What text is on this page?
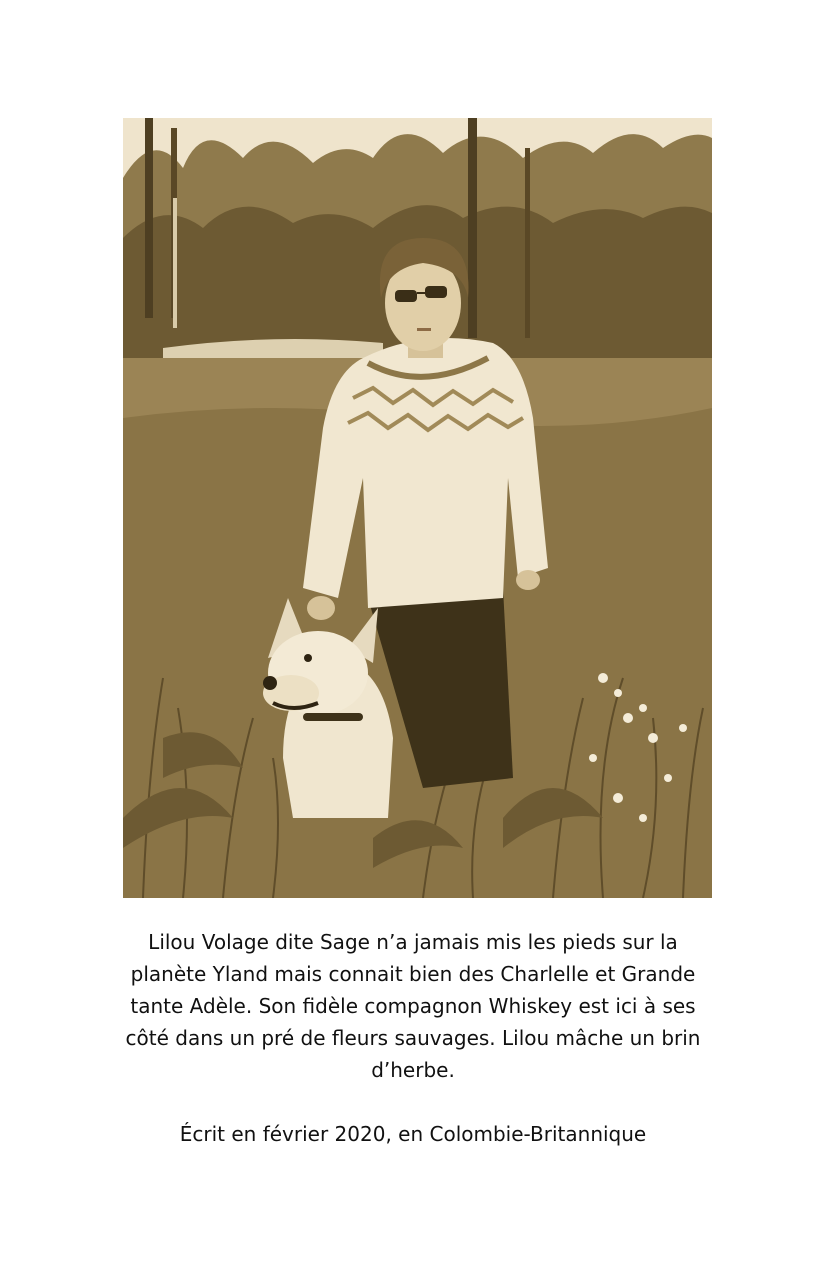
Lilou Volage dite Sage n’a jamais mis les pieds sur la planète Yland mais connait bien des Charlelle et Grande tante Adèle. Son fidèle compagnon Whiskey est ici à ses côté dans un pré de fleurs sauvages. Lilou mâche un brin d’herbe.

Écrit en février 2020, en Colombie-Britannique
